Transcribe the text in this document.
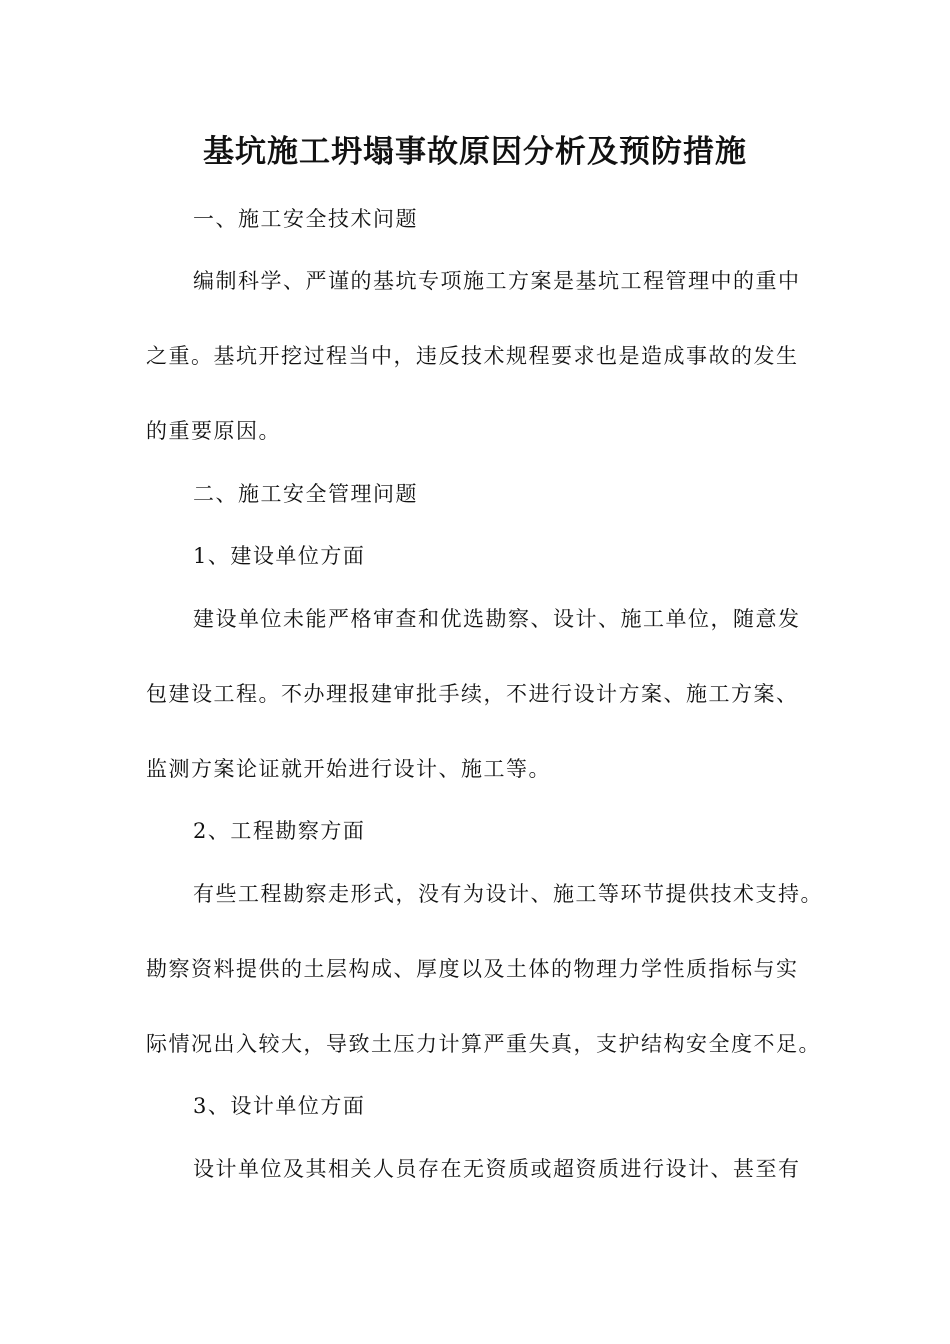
基坑施工坍塌事故原因分析及预防措施

一、施工安全技术问题

编制科学、严谨的基坑专项施工方案是基坑工程管理中的重中

之重。基坑开挖过程当中，违反技术规程要求也是造成事故的发生

的重要原因。

二、施工安全管理问题

1、建设单位方面

建设单位未能严格审查和优选勘察、设计、施工单位，随意发

包建设工程。不办理报建审批手续，不进行设计方案、施工方案、

监测方案论证就开始进行设计、施工等。

2、工程勘察方面

有些工程勘察走形式，没有为设计、施工等环节提供技术支持。

勘察资料提供的土层构成、厚度以及土体的物理力学性质指标与实

际情况出入较大，导致土压力计算严重失真，支护结构安全度不足。

3、设计单位方面

设计单位及其相关人员存在无资质或超资质进行设计、甚至有
